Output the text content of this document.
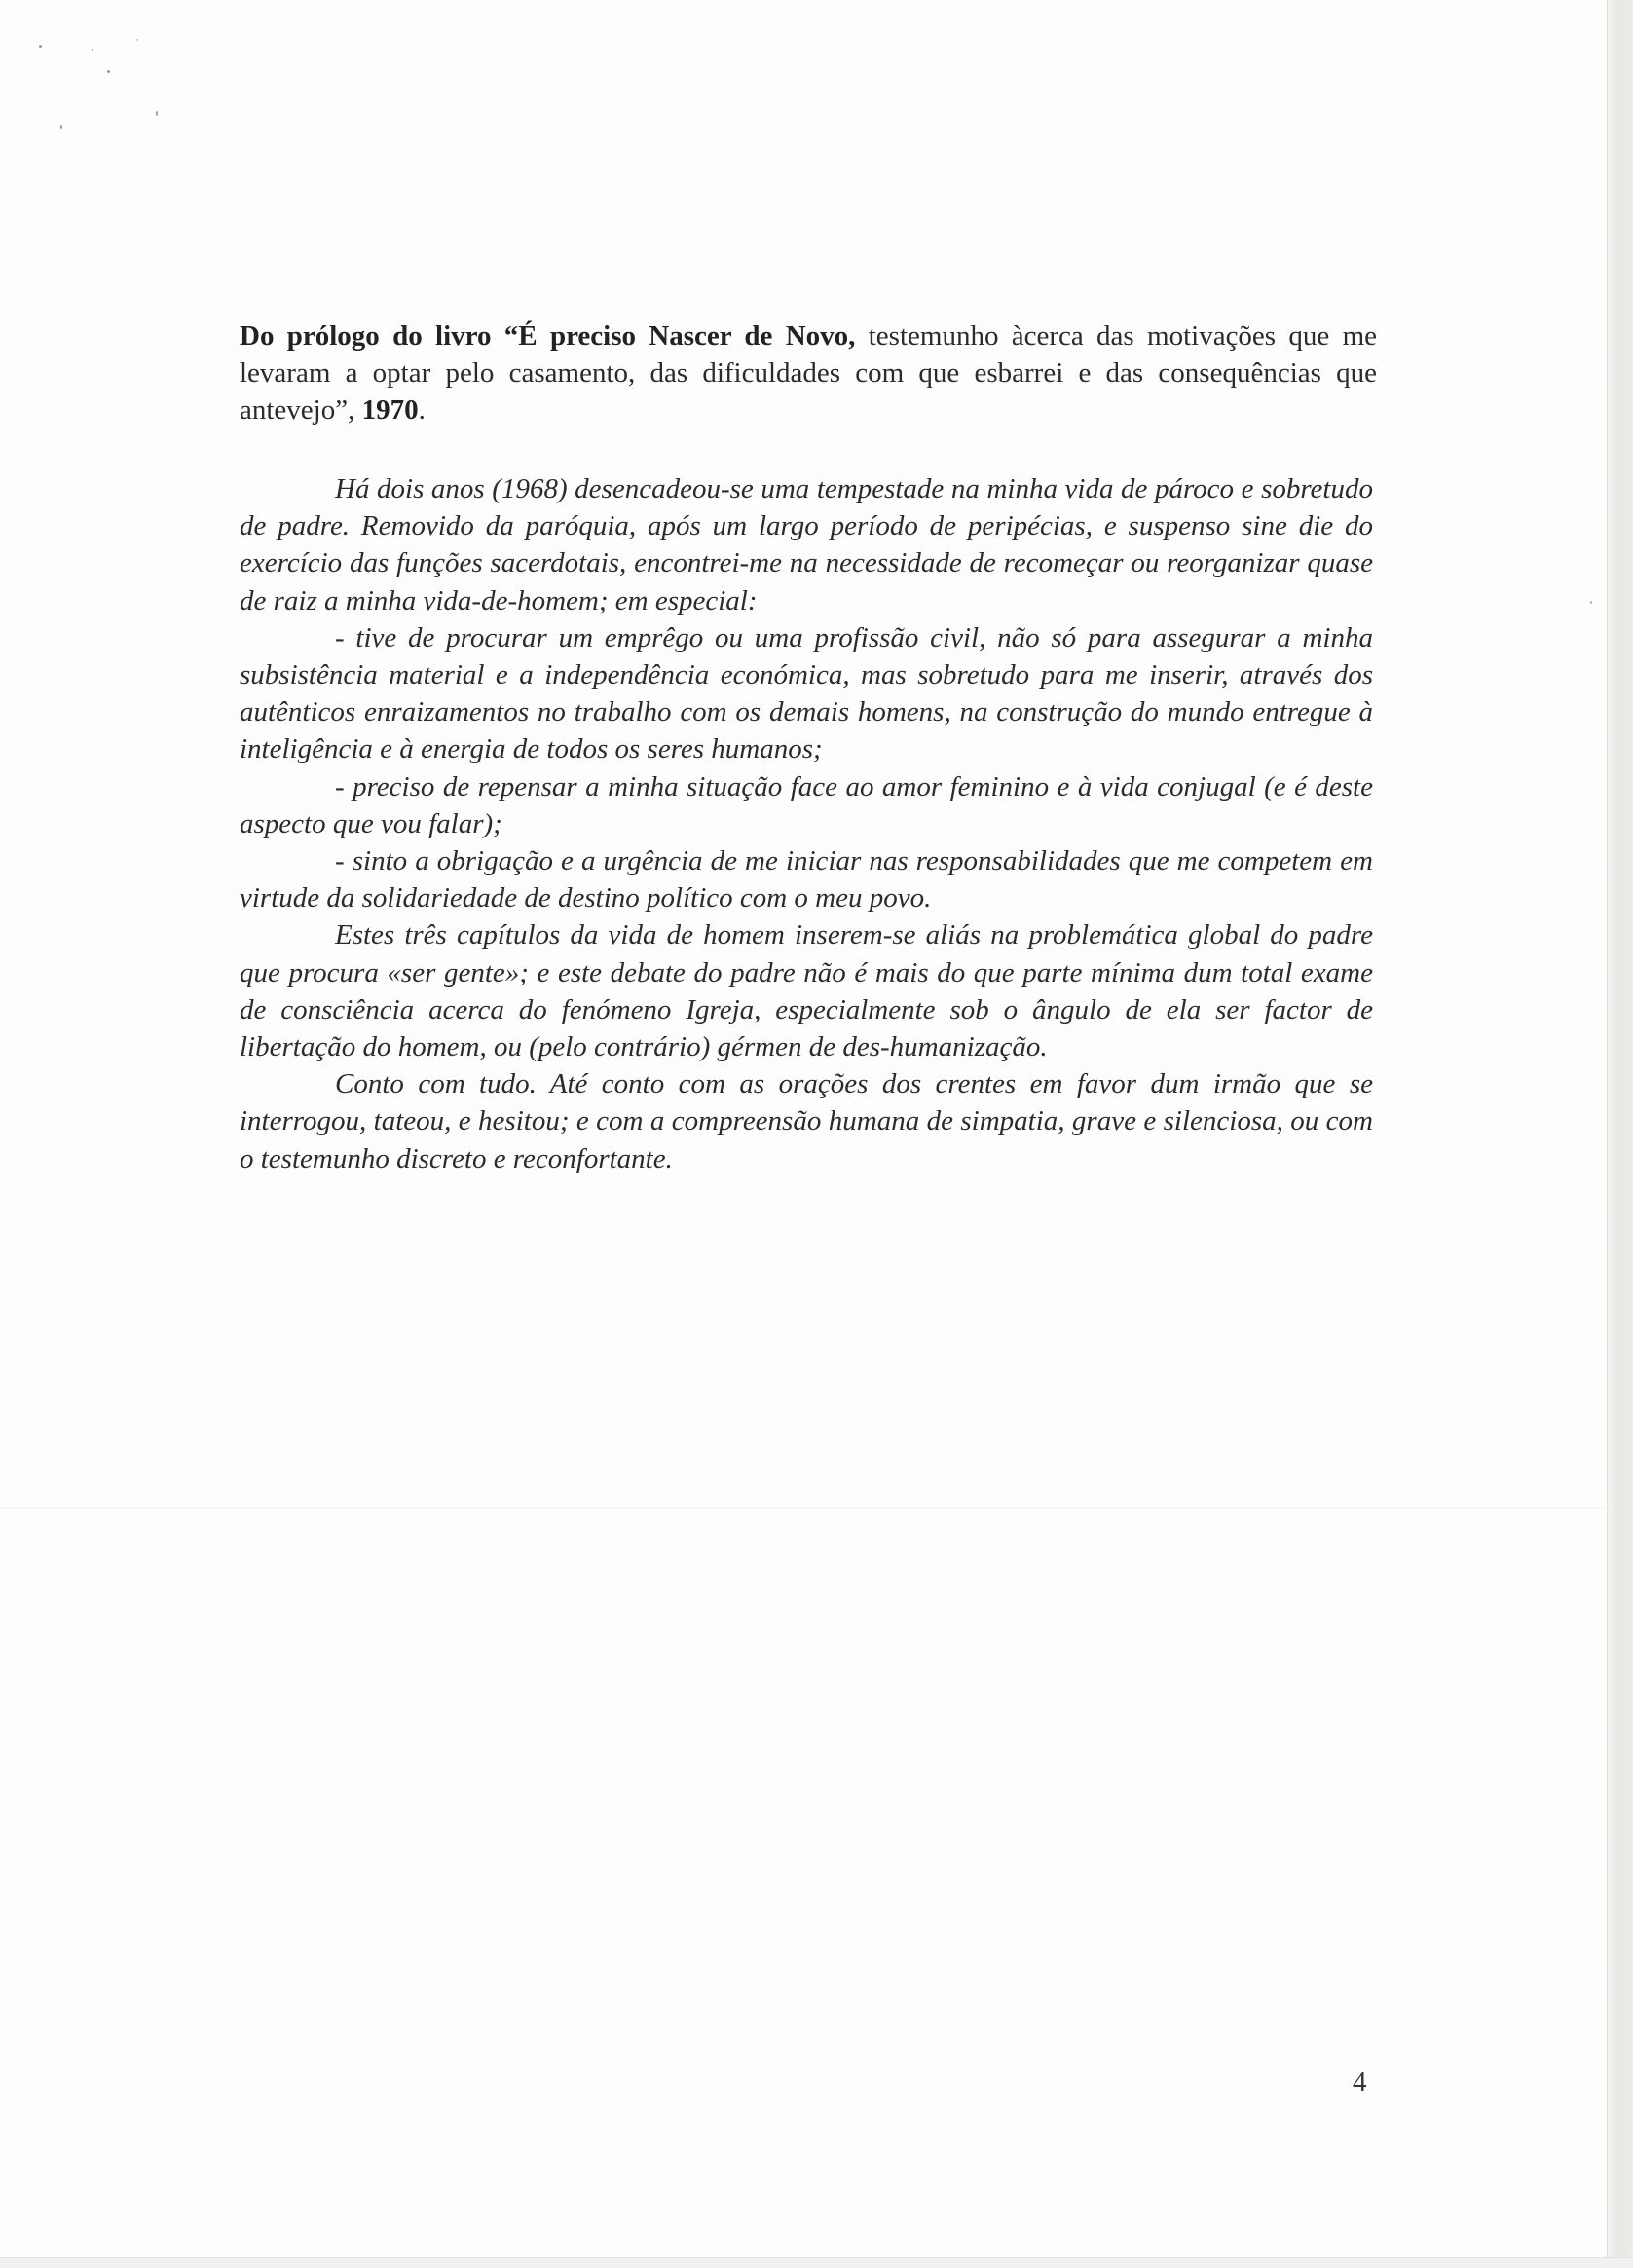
Do prólogo do livro “É preciso Nascer de Novo, testemunho àcerca das motivações que me levaram a optar pelo casamento, das dificuldades com que esbarrei e das consequências que antevejo”, 1970.

Há dois anos (1968) desencadeou-se uma tempestade na minha vida de pároco e sobretudo de padre. Removido da paróquia, após um largo período de peripécias, e suspenso sine die do exercício das funções sacerdotais, encontrei-me na necessidade de recomeçar ou reorganizar quase de raiz a minha vida-de-homem; em especial:

- tive de procurar um emprêgo ou uma profissão civil, não só para assegurar a minha subsistência material e a independência económica, mas sobretudo para me inserir, através dos autênticos enraizamentos no trabalho com os demais homens, na construção do mundo entregue à inteligência e à energia de todos os seres humanos;

- preciso de repensar a minha situação face ao amor feminino e à vida conjugal (e é deste aspecto que vou falar);

- sinto a obrigação e a urgência de me iniciar nas responsabilidades que me competem em virtude da solidariedade de destino político com o meu povo.

Estes três capítulos da vida de homem inserem-se aliás na problemática global do padre que procura «ser gente»; e este debate do padre não é mais do que parte mínima dum total exame de consciência acerca do fenómeno Igreja, especialmente sob o ângulo de ela ser factor de libertação do homem, ou (pelo contrário) gérmen de des-humanização.

Conto com tudo. Até conto com as orações dos crentes em favor dum irmão que se interrogou, tateou, e hesitou; e com a compreensão humana de simpatia, grave e silenciosa, ou com o testemunho discreto e reconfortante.

4
